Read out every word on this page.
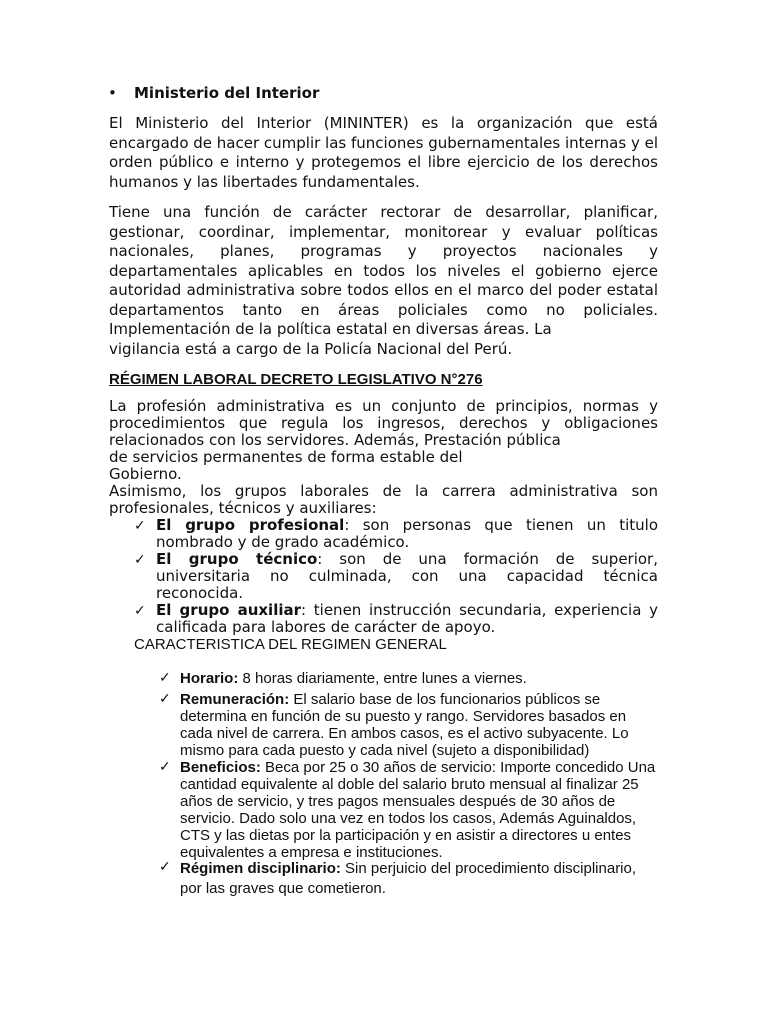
• Ministerio del Interior

El Ministerio del Interior (MININTER) es la organización que está encargado de hacer cumplir las funciones gubernamentales internas y el orden público e interno y protegemos el libre ejercicio de los derechos humanos y las libertades fundamentales.

Tiene una función de carácter rectorar de desarrollar, planificar, gestionar, coordinar, implementar, monitorear y evaluar políticas nacionales, planes, programas y proyectos nacionales y departamentales aplicables en todos los niveles el gobierno ejerce autoridad administrativa sobre todos ellos en el marco del poder estatal departamentos tanto en áreas policiales como no policiales. Implementación de la política estatal en diversas áreas. La

vigilancia está a cargo de la Policía Nacional del Perú.

RÉGIMEN LABORAL DECRETO LEGISLATIVO N°276

La profesión administrativa es un conjunto de principios, normas y procedimientos que regula los ingresos, derechos y obligaciones relacionados con los servidores. Además, Prestación pública

de servicios permanentes de forma estable del

Gobierno.

Asimismo, los grupos laborales de la carrera administrativa son profesionales, técnicos y auxiliares:

✓ El grupo profesional: son personas que tienen un titulo nombrado y de grado académico.

✓ El grupo técnico: son de una formación de superior, universitaria no culminada, con una capacidad técnica reconocida.

✓ El grupo auxiliar: tienen instrucción secundaria, experiencia y calificada para labores de carácter de apoyo.

CARACTERISTICA DEL REGIMEN GENERAL
✓ Horario: 8 horas diariamente, entre lunes a viernes.

✓ Remuneración: El salario base de los funcionarios públicos se determina en función de su puesto y rango. Servidores basados en cada nivel de carrera. En ambos casos, es el activo subyacente. Lo mismo para cada puesto y cada nivel (sujeto a disponibilidad)

✓ Beneficios: Beca por 25 o 30 años de servicio: Importe concedido Una cantidad equivalente al doble del salario bruto mensual al finalizar 25 años de servicio, y tres pagos mensuales después de 30 años de servicio. Dado solo una vez en todos los casos, Además Aguinaldos, CTS y las dietas por la participación y en asistir a directores u entes equivalentes a empresa e instituciones.

✓ Régimen disciplinario: Sin perjuicio del procedimiento disciplinario, por las graves que cometieron.
